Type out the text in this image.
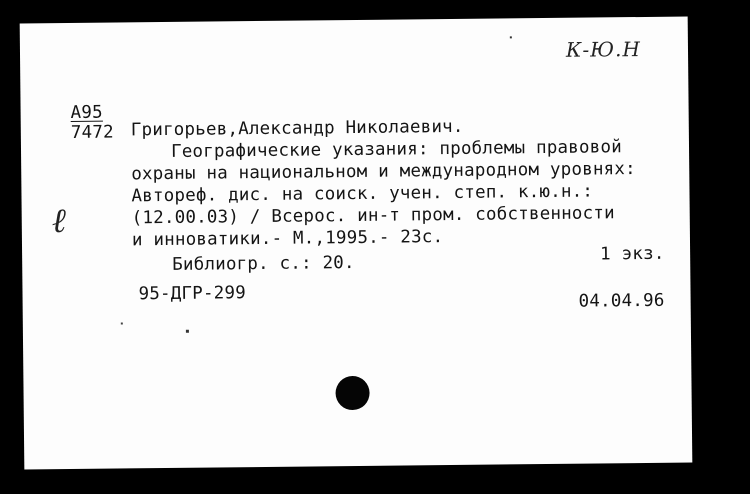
К-Ю.Н
А95
7472 Григорьев,Александр Николаевич.
Географические указания: проблемы правовой
охраны на национальном и международном уровнях:
Автореф. дис. на соиск. учен. степ. к.ю.н.:
(12.00.03) / Всерос. ин-т пром. собственности
и инноватики.- М.,1995.- 23с.
ℓ
Библиогр. с.: 20.	1 экз.
95-ДГР-299	04.04.96
